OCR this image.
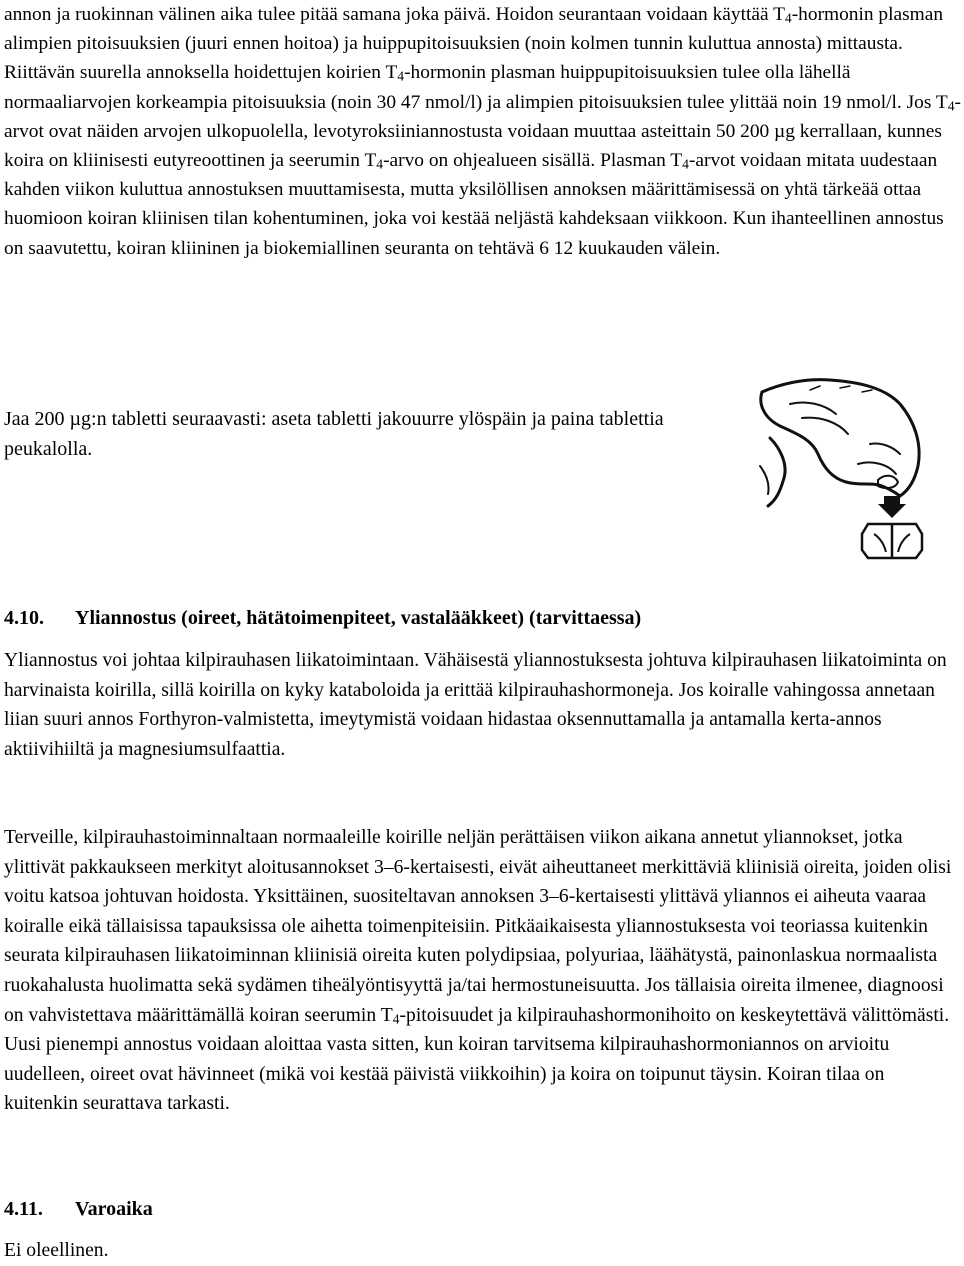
annon ja ruokinnan välinen aika tulee pitää samana joka päivä. Hoidon seurantaan voidaan käyttää T4-hormonin plasman alimpien pitoisuuksien (juuri ennen hoitoa) ja huippupitoisuuksien (noin kolmen tunnin kuluttua annosta) mittausta. Riittävän suurella annoksella hoidettujen koirien T4-hormonin plasman huippupitoisuuksien tulee olla lähellä normaaliarvojen korkeampia pitoisuuksia (noin 30 47 nmol/l) ja alimpien pitoisuuksien tulee ylittää noin 19 nmol/l. Jos T4-arvot ovat näiden arvojen ulkopuolella, levotyroksiiniannostusta voidaan muuttaa asteittain 50 200 µg kerrallaan, kunnes koira on kliinisesti eutyreoottinen ja seerumin T4-arvo on ohjealueen sisällä. Plasman T4-arvot voidaan mitata uudestaan kahden viikon kuluttua annostuksen muuttamisesta, mutta yksilöllisen annoksen määrittämisessä on yhtä tärkeää ottaa huomioon koiran kliinisen tilan kohentuminen, joka voi kestää neljästä kahdeksaan viikkoon. Kun ihanteellinen annostus on saavutettu, koiran kliininen ja biokemiallinen seuranta on tehtävä 6 12 kuukauden välein.

Jaa 200 µg:n tabletti seuraavasti: aseta tabletti jakouurre ylöspäin ja paina tablettia peukalolla.

4.10. Yliannostus (oireet, hätätoimenpiteet, vastalääkkeet) (tarvittaessa)

Yliannostus voi johtaa kilpirauhasen liikatoimintaan. Vähäisestä yliannostuksesta johtuva kilpirauhasen liikatoiminta on harvinaista koirilla, sillä koirilla on kyky kataboloida ja erittää kilpirauhashormoneja. Jos koiralle vahingossa annetaan liian suuri annos Forthyron-valmistetta, imeytymistä voidaan hidastaa oksennuttamalla ja antamalla kerta-annos aktiivihiiltä ja magnesiumsulfaattia.

Terveille, kilpirauhastoiminnaltaan normaaleille koirille neljän perättäisen viikon aikana annetut yliannokset, jotka ylittivät pakkaukseen merkityt aloitusannokset 3–6-kertaisesti, eivät aiheuttaneet merkittäviä kliinisiä oireita, joiden olisi voitu katsoa johtuvan hoidosta. Yksittäinen, suositeltavan annoksen 3–6-kertaisesti ylittävä yliannos ei aiheuta vaaraa koiralle eikä tällaisissa tapauksissa ole aihetta toimenpiteisiin. Pitkäaikaisesta yliannostuksesta voi teoriassa kuitenkin seurata kilpirauhasen liikatoiminnan kliinisiä oireita kuten polydipsiaa, polyuriaa, läähätystä, painonlaskua normaalista ruokahalusta huolimatta sekä sydämen tiheälyöntisyyttä ja/tai hermostuneisuutta. Jos tällaisia oireita ilmenee, diagnoosi on vahvistettava määrittämällä koiran seerumin T4-pitoisuudet ja kilpirauhashormonihoito on keskeytettävä välittömästi. Uusi pienempi annostus voidaan aloittaa vasta sitten, kun koiran tarvitsema kilpirauhashormoniannos on arvioitu uudelleen, oireet ovat hävinneet (mikä voi kestää päivistä viikkoihin) ja koira on toipunut täysin. Koiran tilaa on kuitenkin seurattava tarkasti.

4.11. Varoaika

Ei oleellinen.
